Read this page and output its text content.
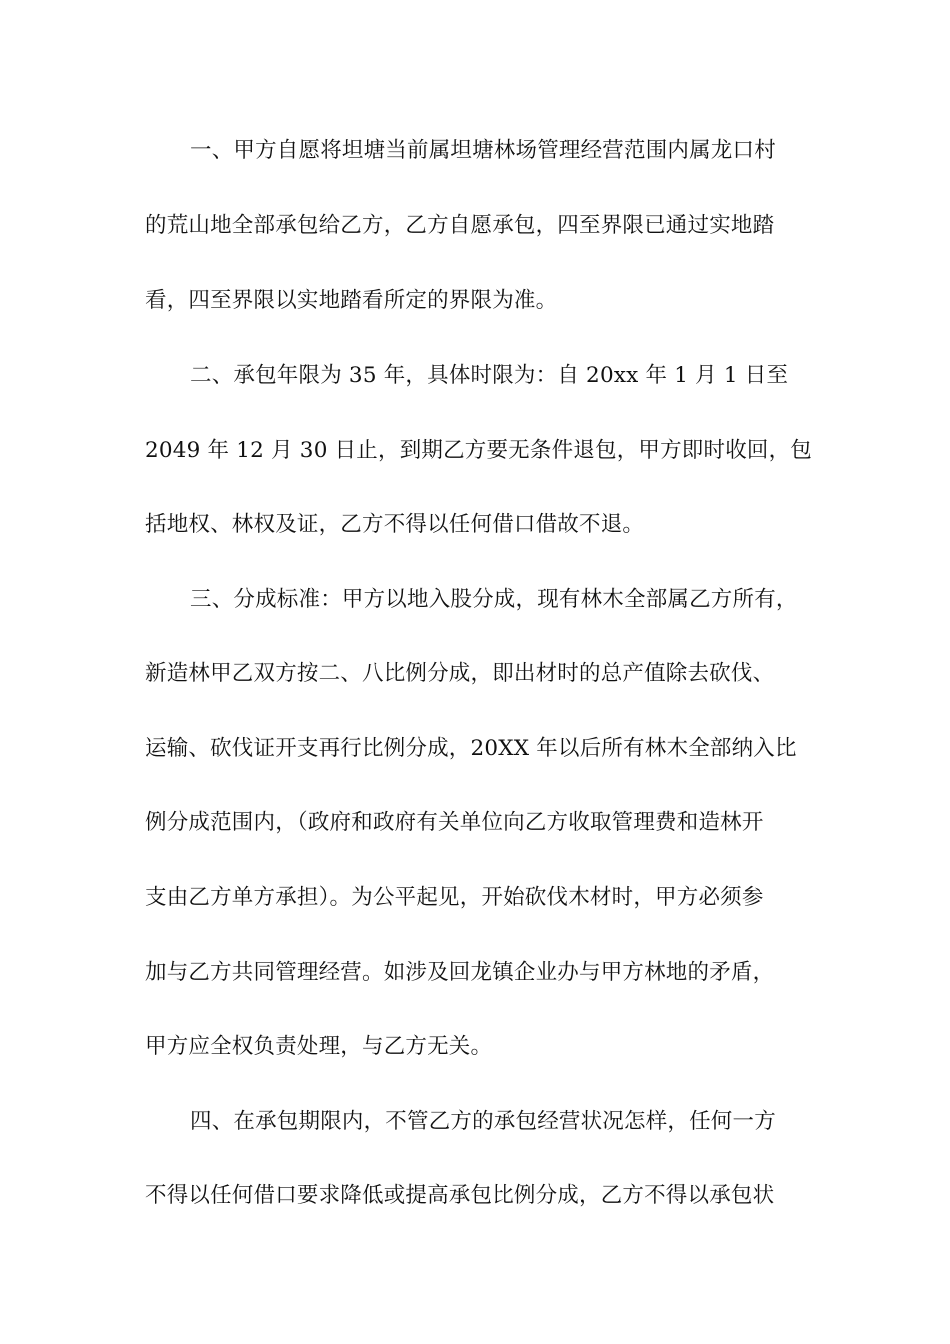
一、甲方自愿将坦塘当前属坦塘林场管理经营范围内属龙口村
的荒山地全部承包给乙方，乙方自愿承包，四至界限已通过实地踏
看，四至界限以实地踏看所定的界限为准。
二、承包年限为 35 年，具体时限为：自 20xx 年 1 月 1 日至
2049 年 12 月 30 日止，到期乙方要无条件退包，甲方即时收回，包
括地权、林权及证，乙方不得以任何借口借故不退。
三、分成标准：甲方以地入股分成，现有林木全部属乙方所有，
新造林甲乙双方按二、八比例分成，即出材时的总产值除去砍伐、
运输、砍伐证开支再行比例分成，20XX 年以后所有林木全部纳入比
例分成范围内，（政府和政府有关单位向乙方收取管理费和造林开
支由乙方单方承担）。为公平起见，开始砍伐木材时，甲方必须参
加与乙方共同管理经营。如涉及回龙镇企业办与甲方林地的矛盾，
甲方应全权负责处理，与乙方无关。
四、在承包期限内，不管乙方的承包经营状况怎样，任何一方
不得以任何借口要求降低或提高承包比例分成，乙方不得以承包状
